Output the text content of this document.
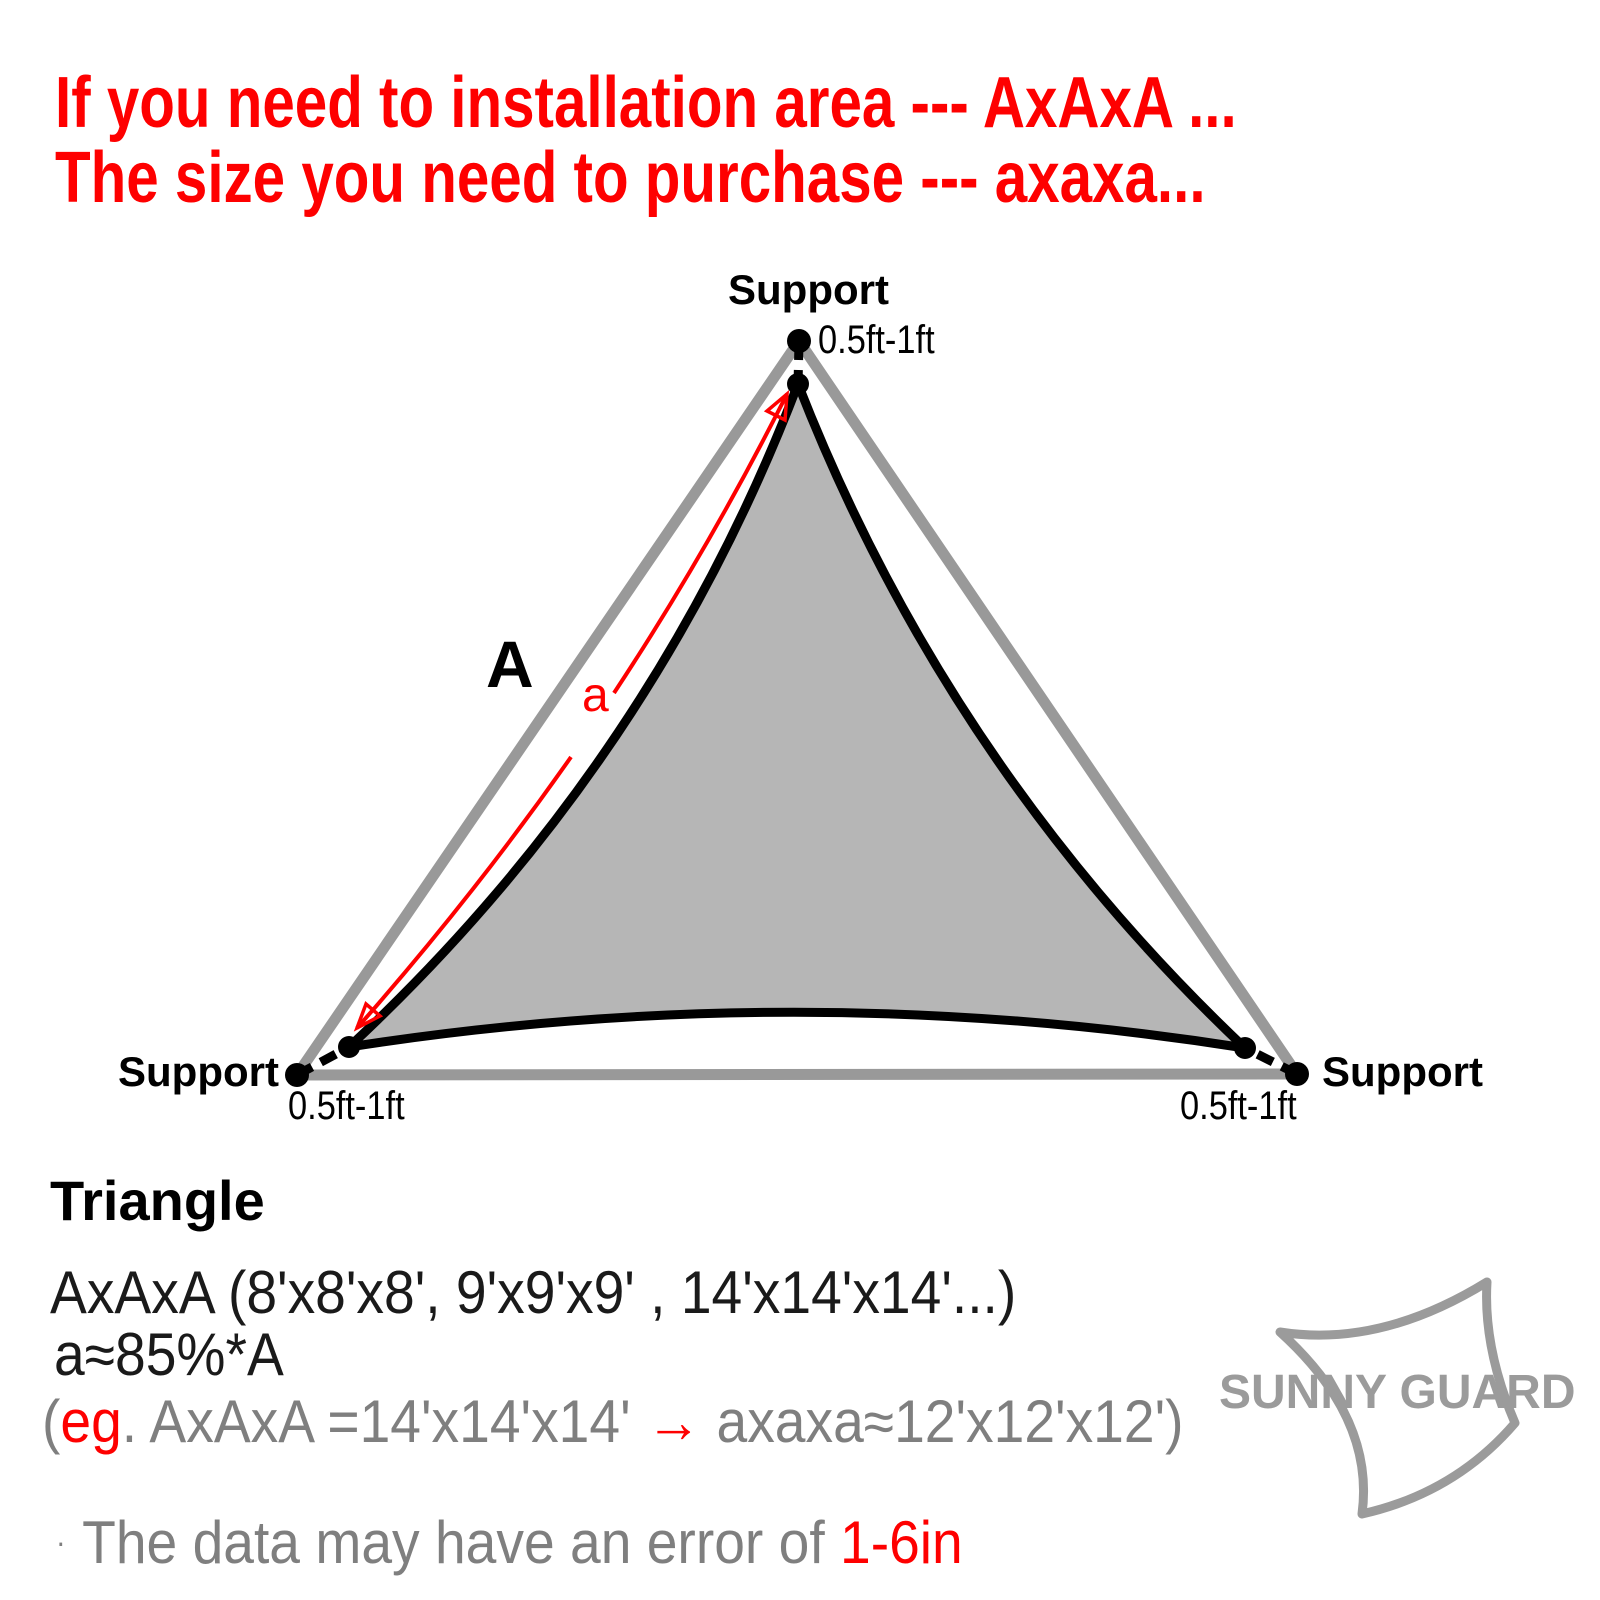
If you need to installation area --- AxAxA ...
The size you need to purchase --- axaxa...
Support
0.5ft-1ft
Support
0.5ft-1ft
Support
0.5ft-1ft
A a
Triangle
AxAxA (8'x8'x8', 9'x9'x9' , 14'x14'x14'...)
a≈85%*A
(eg. AxAxA =14'x14'x14' → axaxa≈12'x12'x12') SUNNY GUARD
· The data may have an error of 1-6in
